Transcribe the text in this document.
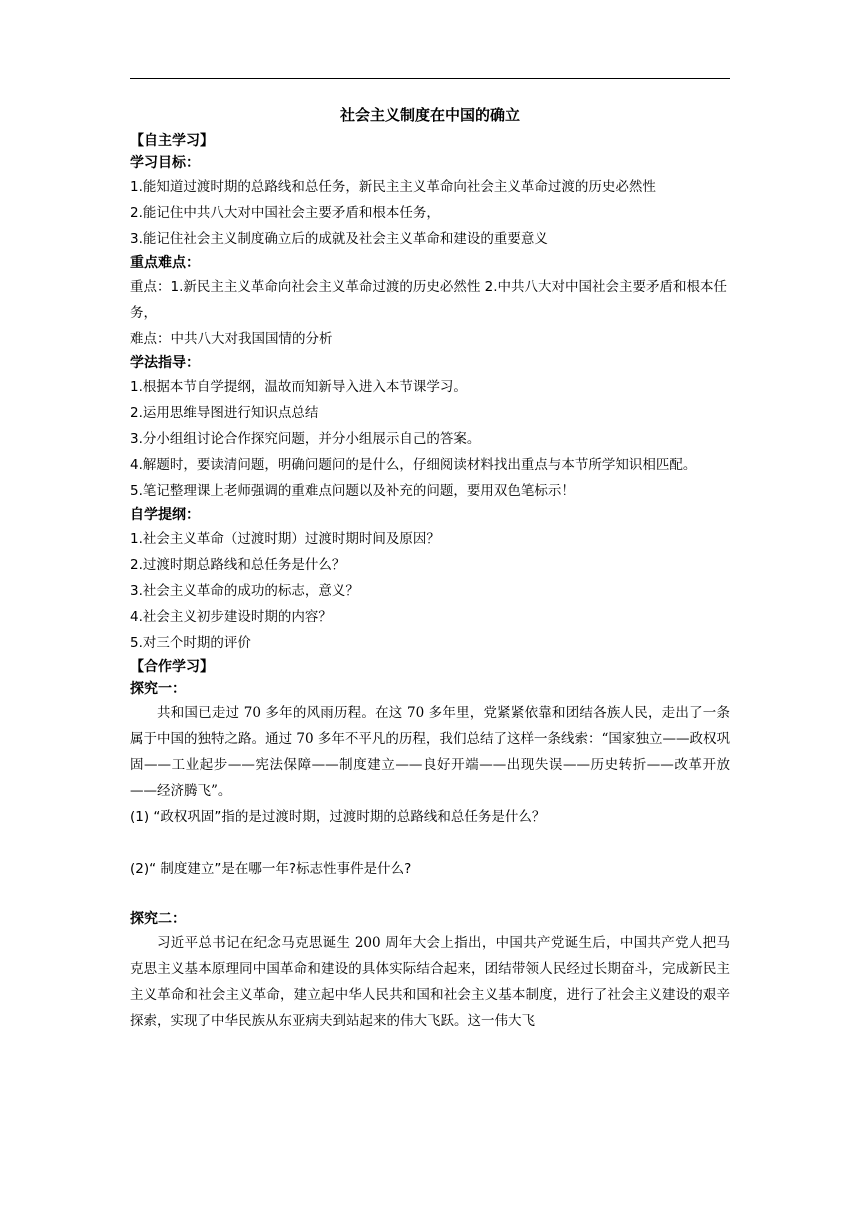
社会主义制度在中国的确立

【自主学习】

学习目标：

1.能知道过渡时期的总路线和总任务，新民主主义革命向社会主义革命过渡的历史必然性

2.能记住中共八大对中国社会主要矛盾和根本任务，

3.能记住社会主义制度确立后的成就及社会主义革命和建设的重要意义

重点难点：

重点：1.新民主主义革命向社会主义革命过渡的历史必然性 2.中共八大对中国社会主要矛盾和根本任务，

难点：中共八大对我国国情的分析

学法指导：

1.根据本节自学提纲，温故而知新导入进入本节课学习。

2.运用思维导图进行知识点总结

3.分小组组讨论合作探究问题，并分小组展示自己的答案。

4.解题时，要读清问题，明确问题问的是什么，仔细阅读材料找出重点与本节所学知识相匹配。

5.笔记整理课上老师强调的重难点问题以及补充的问题，要用双色笔标示！

自学提纲：

1.社会主义革命（过渡时期）过渡时期时间及原因？

2.过渡时期总路线和总任务是什么？

3.社会主义革命的成功的标志，意义？

4.社会主义初步建设时期的内容？

5.对三个时期的评价

【合作学习】

探究一：

共和国已走过 70 多年的风雨历程。在这 70 多年里，党紧紧依靠和团结各族人民，走出了一条属于中国的独特之路。通过 70 多年不平凡的历程，我们总结了这样一条线索：“国家独立——政权巩固——工业起步——宪法保障——制度建立——良好开端——出现失误——历史转折——改革开放——经济腾飞”。

(1) “政权巩固”指的是过渡时期，过渡时期的总路线和总任务是什么？

(2)“ 制度建立”是在哪一年?标志性事件是什么?

探究二：

习近平总书记在纪念马克思诞生 200 周年大会上指出，中国共产党诞生后，中国共产党人把马克思主义基本原理同中国革命和建设的具体实际结合起来，团结带领人民经过长期奋斗，完成新民主主义革命和社会主义革命，建立起中华人民共和国和社会主义基本制度，进行了社会主义建设的艰辛探索，实现了中华民族从东亚病夫到站起来的伟大飞跃。这一伟大飞
